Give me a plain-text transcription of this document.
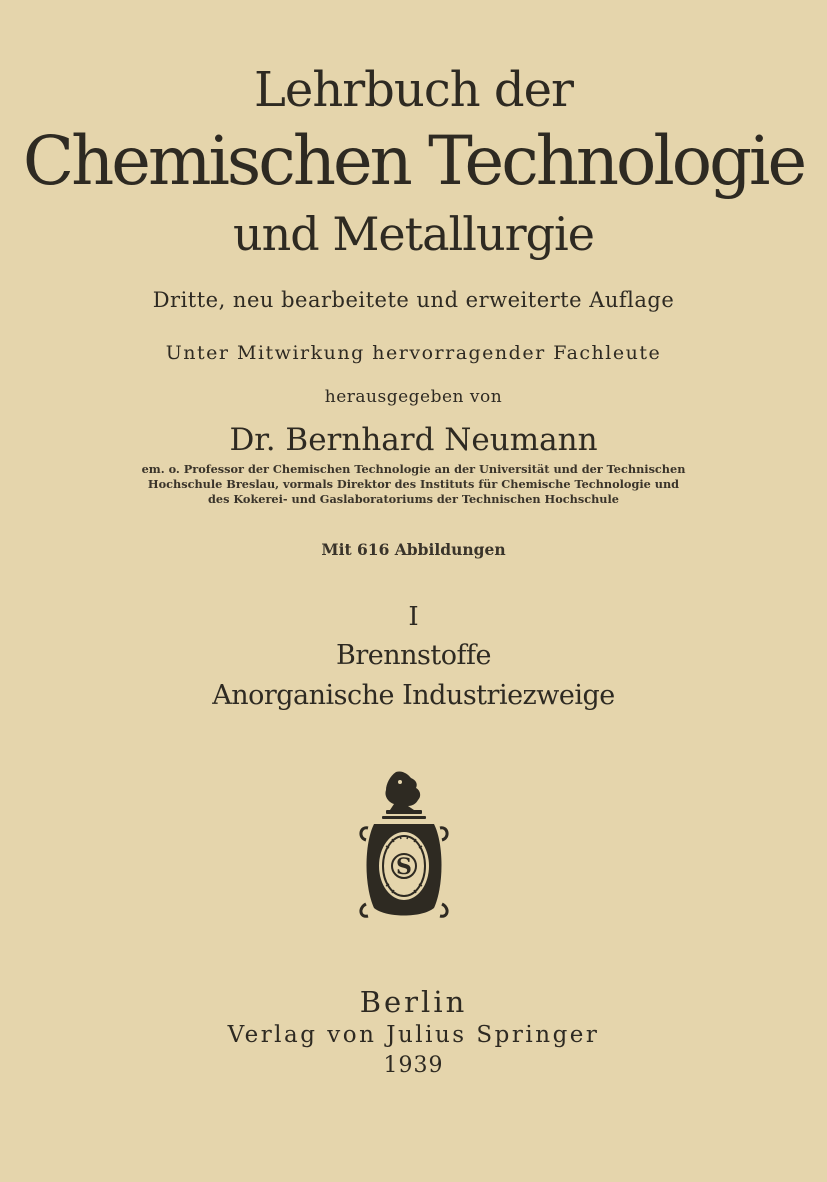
Lehrbuch der

Chemischen Technologie

und Metallurgie

Dritte, neu bearbeitete und erweiterte Auflage

Unter Mitwirkung hervorragender Fachleute

herausgegeben von

Dr. Bernhard Neumann

em. o. Professor der Chemischen Technologie an der Universität und der Technischen

Hochschule Breslau, vormals Direktor des Instituts für Chemische Technologie und

des Kokerei- und Gaslaboratoriums der Technischen Hochschule

Mit 616 Abbildungen

I

Brennstoffe

Anorganische Industriezweige

S

Berlin

Verlag von Julius Springer

1939
